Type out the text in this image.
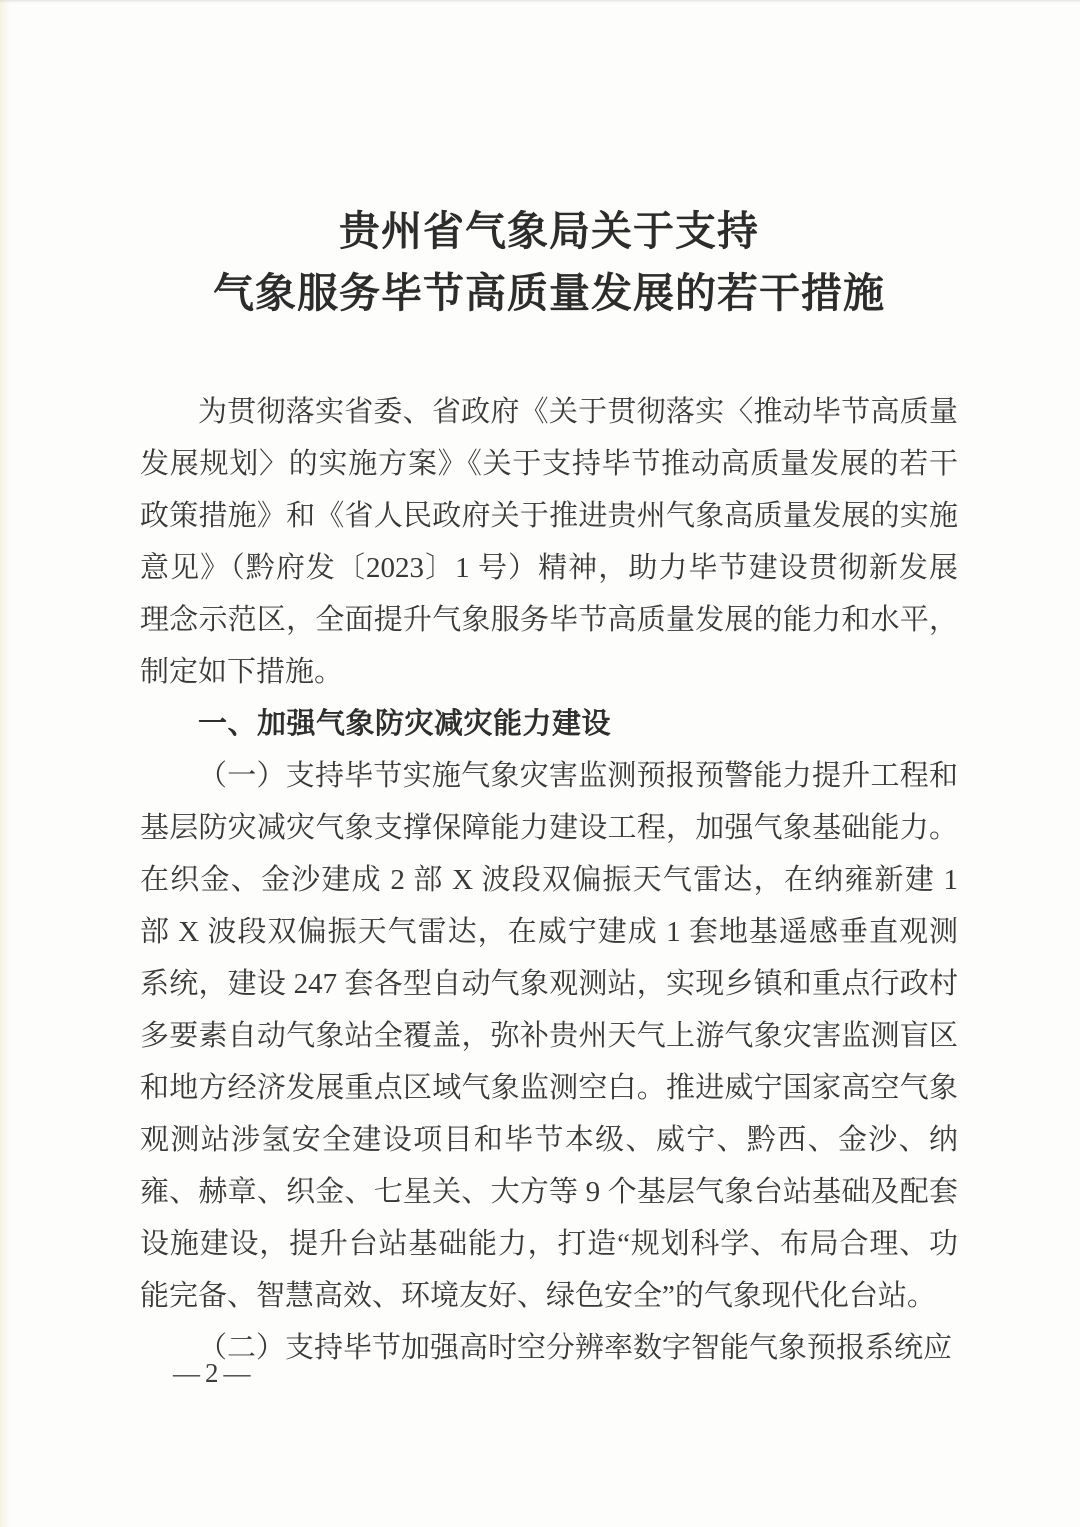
贵州省气象局关于支持
气象服务毕节高质量发展的若干措施

为贯彻落实省委、省政府《关于贯彻落实〈推动毕节高质量发展规划〉的实施方案》《关于支持毕节推动高质量发展的若干政策措施》和《省人民政府关于推进贵州气象高质量发展的实施意见》（黔府发〔2023〕1 号）精神，助力毕节建设贯彻新发展理念示范区，全面提升气象服务毕节高质量发展的能力和水平，制定如下措施。

一、加强气象防灾减灾能力建设

（一）支持毕节实施气象灾害监测预报预警能力提升工程和基层防灾减灾气象支撑保障能力建设工程，加强气象基础能力。在织金、金沙建成 2 部 X 波段双偏振天气雷达，在纳雍新建 1 部 X 波段双偏振天气雷达，在威宁建成 1 套地基遥感垂直观测系统，建设 247 套各型自动气象观测站，实现乡镇和重点行政村多要素自动气象站全覆盖，弥补贵州天气上游气象灾害监测盲区和地方经济发展重点区域气象监测空白。推进威宁国家高空气象观测站涉氢安全建设项目和毕节本级、威宁、黔西、金沙、纳雍、赫章、织金、七星关、大方等 9 个基层气象台站基础及配套设施建设，提升台站基础能力，打造“规划科学、布局合理、功能完备、智慧高效、环境友好、绿色安全”的气象现代化台站。

（二）支持毕节加强高时空分辨率数字智能气象预报系统应

—2—
